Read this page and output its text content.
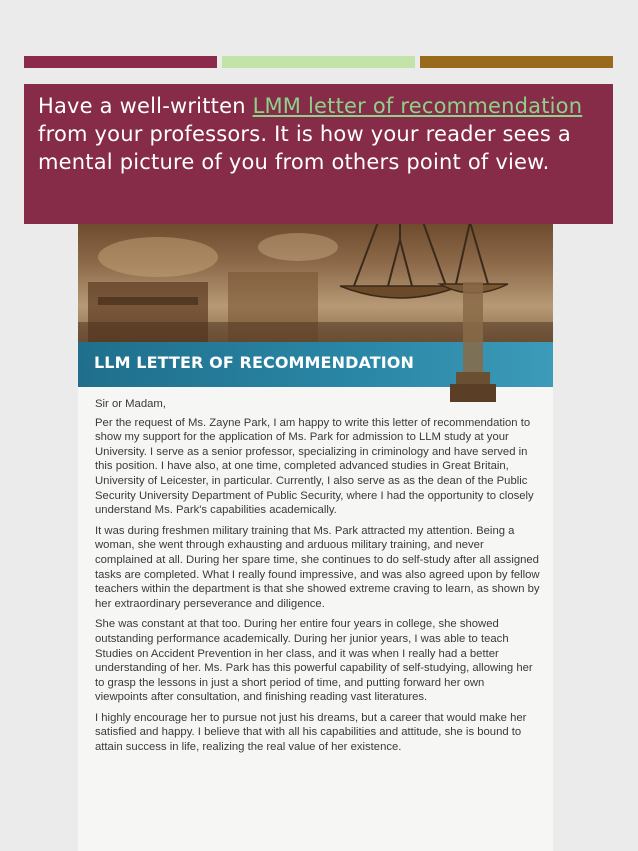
Have a well-written LMM letter of recommendation from your professors. It is how your reader sees a mental picture of you from others point of view.

LLM LETTER OF RECOMMENDATION

Sir or Madam,

Per the request of Ms. Zayne Park, I am happy to write this letter of recommendation to show my support for the application of Ms. Park for admission to LLM study at your University. I serve as a senior professor, specializing in criminology and have served in this position. I have also, at one time, completed advanced studies in Great Britain, University of Leicester, in particular. Currently, I also serve as as the dean of the Public Security University Department of Public Security, where I had the opportunity to closely understand Ms. Park's capabilities academically.

It was during freshmen military training that Ms. Park attracted my attention. Being a woman, she went through exhausting and arduous military training, and never complained at all. During her spare time, she continues to do self-study after all assigned tasks are completed. What I really found impressive, and was also agreed upon by fellow teachers within the department is that she showed extreme craving to learn, as shown by her extraordinary perseverance and diligence.

She was constant at that too. During her entire four years in college, she showed outstanding performance academically. During her junior years, I was able to teach Studies on Accident Prevention in her class, and it was when I really had a better understanding of her. Ms. Park has this powerful capability of self-studying, allowing her to grasp the lessons in just a short period of time, and putting forward her own viewpoints after consultation, and finishing reading vast literatures.

I highly encourage her to pursue not just his dreams, but a career that would make her satisfied and happy. I believe that with all his capabilities and attitude, she is bound to attain success in life, realizing the real value of her existence.
